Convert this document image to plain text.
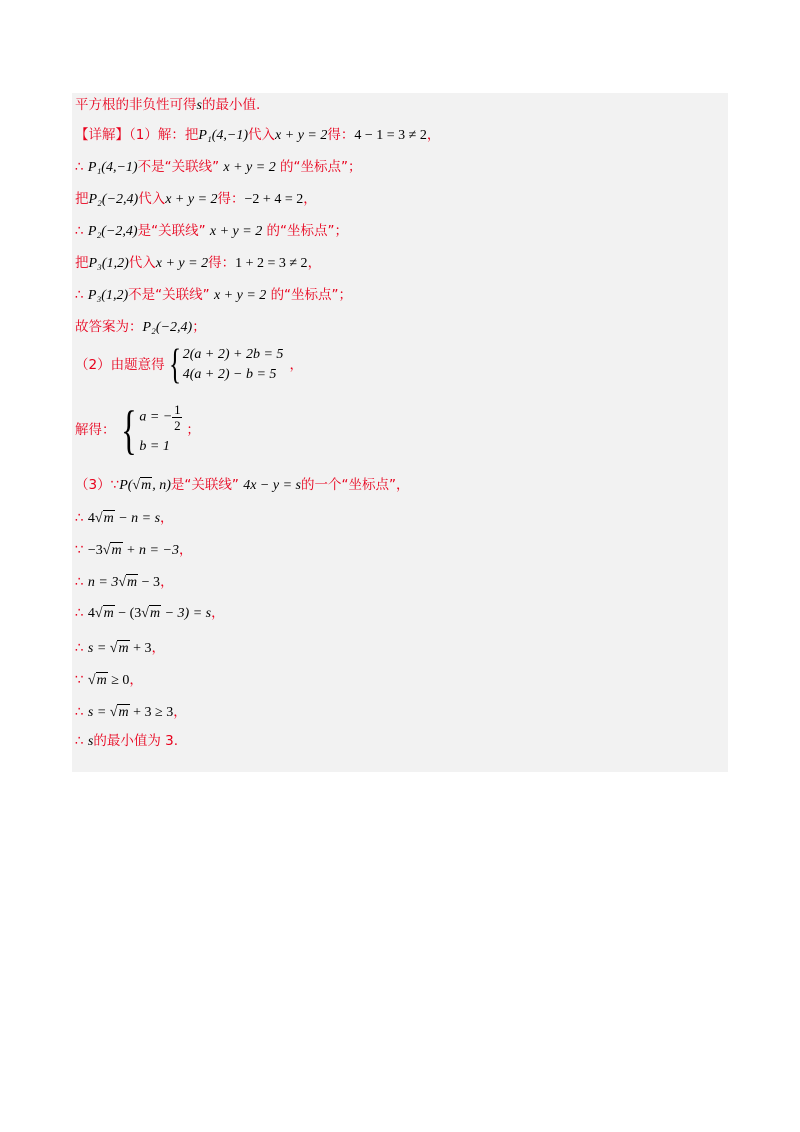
平方根的非负性可得s的最小值.
【详解】（1）解：把P₁(4,−1)代入x + y = 2得：4 − 1 = 3 ≠ 2，
∴ P₁(4,−1)不是“关联线” x + y = 2 的“坐标点”；
把P₂(−2,4)代入x + y = 2得：−2 + 4 = 2，
∴ P₂(−2,4)是“关联线” x + y = 2 的“坐标点”；
把P₃(1,2)代入x + y = 2得：1 + 2 = 3 ≠ 2，
∴ P₃(1,2)不是“关联线” x + y = 2 的“坐标点”；
故答案为：P₂(−2,4)；
（2）由题意得 { 2(a + 2) + 2b = 5
4(a + 2) − b = 5
，
解得： { a = − $\frac{1}{2}$
b = 1
；
（3）∵P(√m, n)是“关联线” 4x − y = s的一个“坐标点”，
∴ 4√m − n = s，
∵ −3√m + n = −3，
∴ n = 3√m − 3，
∴ 4√m − (3√m − 3) = s，
∴ s = √m + 3，
∵ √m ≥ 0，
∴ s = √m + 3 ≥ 3，
∴ s的最小值为 3.
